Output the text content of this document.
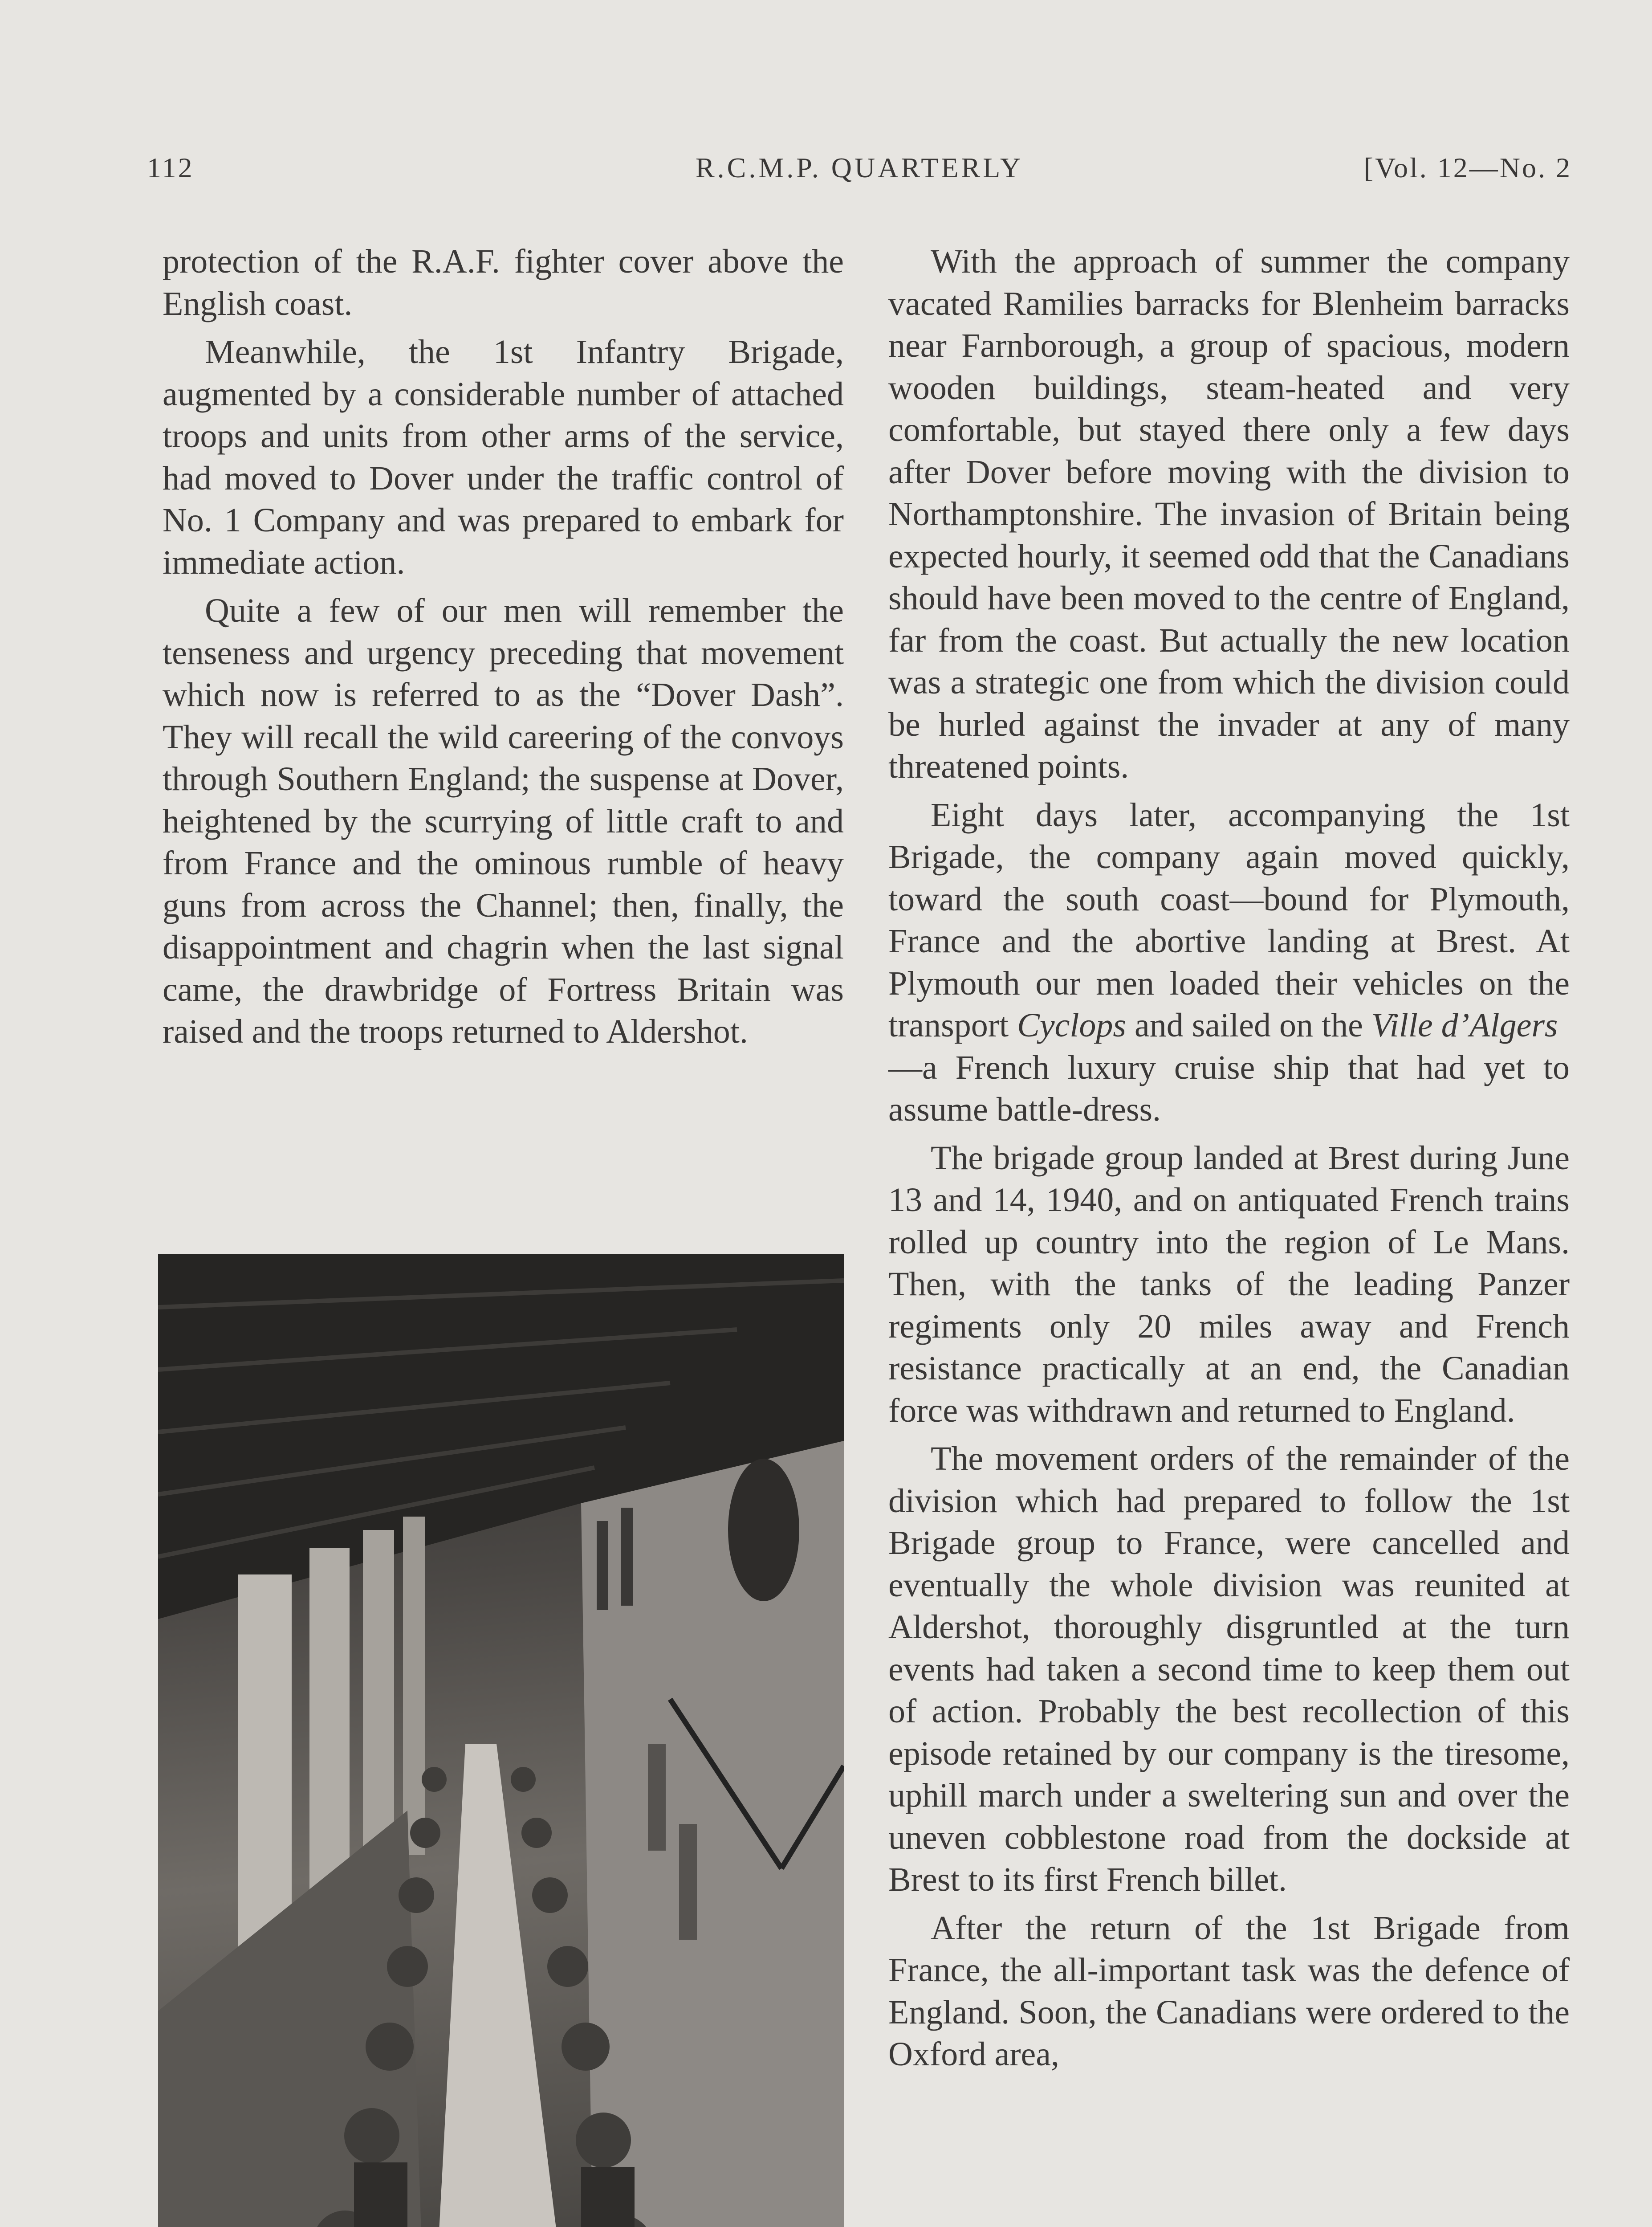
112	R.C.M.P. QUARTERLY	[Vol. 12—No. 2

protection of the R.A.F. fighter cover above the English coast.

Meanwhile, the 1st Infantry Brigade, augmented by a considerable number of attached troops and units from other arms of the service, had moved to Dover under the traffic control of No. 1 Company and was prepared to embark for immediate action.

Quite a few of our men will remember the tenseness and urgency preceding that movement which now is referred to as the “Dover Dash”. They will recall the wild careering of the convoys through Southern England; the suspense at Dover, heightened by the scurrying of little craft to and from France and the ominous rumble of heavy guns from across the Channel; then, finally, the disappointment and chagrin when the last signal came, the drawbridge of Fortress Britain was raised and the troops returned to Aldershot.

With the approach of summer the company vacated Ramilies barracks for Blenheim barracks near Farnborough, a group of spacious, modern wooden buildings, steam-heated and very comfortable, but stayed there only a few days after Dover before moving with the division to Northamptonshire. The invasion of Britain being expected hourly, it seemed odd that the Canadians should have been moved to the centre of England, far from the coast. But actually the new location was a strategic one from which the division could be hurled against the invader at any of many threatened points.

Eight days later, accompanying the 1st Brigade, the company again moved quickly, toward the south coast—bound for Plymouth, France and the abortive landing at Brest. At Plymouth our men loaded their vehicles on the transport Cyclops and sailed on the Ville d’Algers
—a French luxury cruise ship that had yet to assume battle-dress.

The brigade group landed at Brest during June 13 and 14, 1940, and on antiquated French trains rolled up country into the region of Le Mans. Then, with the tanks of the leading Panzer regiments only 20 miles away and French resistance practically at an end, the Canadian force was withdrawn and returned to England.

The movement orders of the remainder of the division which had prepared to follow the 1st Brigade group to France, were cancelled and eventually the whole division was reunited at Aldershot, thoroughly disgruntled at the turn events had taken a second time to keep them out of action. Probably the best recollection of this episode retained by our company is the tiresome, uphill march under a sweltering sun and over the uneven cobblestone road from the dockside at Brest to its first French billet.

After the return of the 1st Brigade from France, the all-important task was the defence of England. Soon, the Canadians were ordered to the Oxford area,
